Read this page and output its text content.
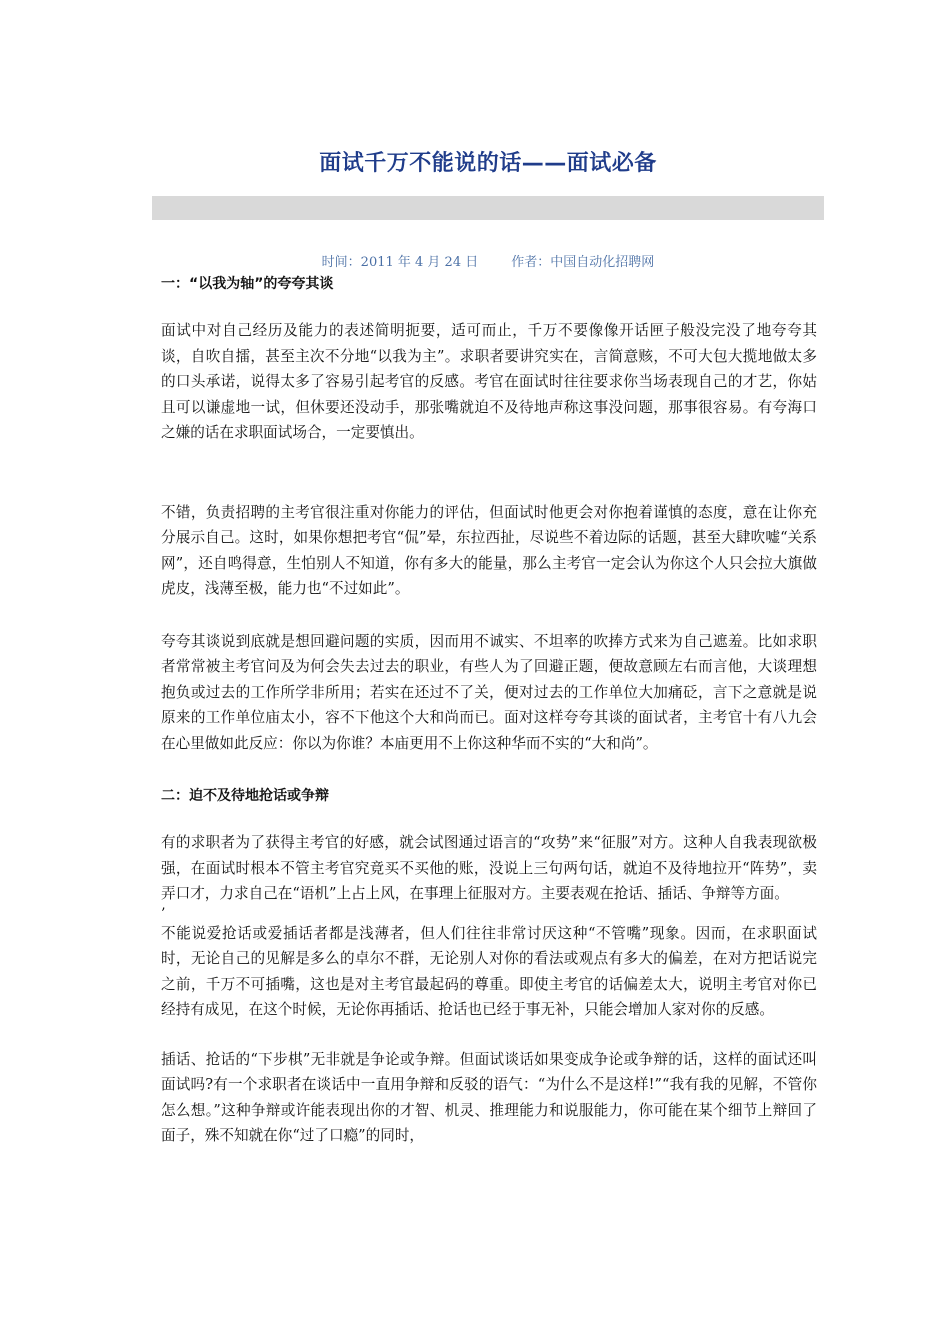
面试千万不能说的话——面试必备
时间：2011 年 4 月 24 日	作者：中国自动化招聘网

一：“以我为轴”的夸夸其谈

面试中对自己经历及能力的表述简明扼要，适可而止，千万不要像像开话匣子般没完没了地夸夸其谈，自吹自擂，甚至主次不分地“以我为主”。求职者要讲究实在，言简意赅，不可大包大揽地做太多的口头承诺，说得太多了容易引起考官的反感。考官在面试时往往要求你当场表现自己的才艺，你姑且可以谦虚地一试，但休要还没动手，那张嘴就迫不及待地声称这事没问题，那事很容易。有夸海口之嫌的话在求职面试场合，一定要慎出。

不错，负责招聘的主考官很注重对你能力的评估，但面试时他更会对你抱着谨慎的态度，意在让你充分展示自己。这时，如果你想把考官“侃”晕，东拉西扯，尽说些不着边际的话题，甚至大肆吹嘘“关系网”，还自鸣得意，生怕别人不知道，你有多大的能量，那么主考官一定会认为你这个人只会拉大旗做虎皮，浅薄至极，能力也“不过如此”。

夸夸其谈说到底就是想回避问题的实质，因而用不诚实、不坦率的吹捧方式来为自己遮羞。比如求职者常常被主考官问及为何会失去过去的职业，有些人为了回避正题，便故意顾左右而言他，大谈理想抱负或过去的工作所学非所用；若实在还过不了关，便对过去的工作单位大加痛砭，言下之意就是说原来的工作单位庙太小，容不下他这个大和尚而已。面对这样夸夸其谈的面试者，主考官十有八九会在心里做如此反应：你以为你谁？本庙更用不上你这种华而不实的“大和尚”。

二：迫不及待地抢话或争辩

有的求职者为了获得主考官的好感，就会试图通过语言的“攻势”来“征服”对方。这种人自我表现欲极强，在面试时根本不管主考官究竟买不买他的账，没说上三句两句话，就迫不及待地拉开“阵势”，卖弄口才，力求自己在“语机”上占上风，在事理上征服对方。主要表观在抢话、插话、争辩等方面。

’

不能说爱抢话或爱插话者都是浅薄者，但人们往往非常讨厌这种“不管嘴”现象。因而，在求职面试时，无论自己的见解是多么的卓尔不群，无论别人对你的看法或观点有多大的偏差，在对方把话说完之前，千万不可插嘴，这也是对主考官最起码的尊重。即使主考官的话偏差太大，说明主考官对你已经持有成见，在这个时候，无论你再插话、抢话也已经于事无补，只能会增加人家对你的反感。

插话、抢话的“下步棋”无非就是争论或争辩。但面试谈话如果变成争论或争辩的话，这样的面试还叫面试吗?有一个求职者在谈话中一直用争辩和反驳的语气：“为什么不是这样!”“我有我的见解，不管你怎么想。”这种争辩或许能表现出你的才智、机灵、推理能力和说服能力，你可能在某个细节上辩回了面子，殊不知就在你“过了口瘾”的同时，
